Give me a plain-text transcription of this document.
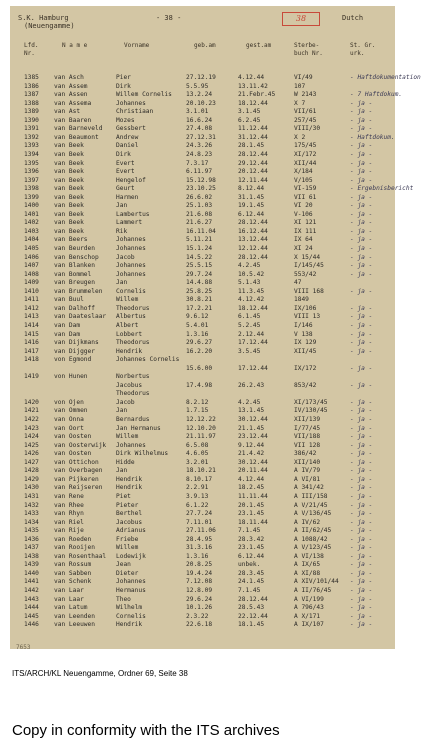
S.K. Hamburg
(Neuengamme)
- 38 -	38	Dutch
Lfd.
Nr.
N a m e	Vorname	geb.am	gest.am	Sterbe-
buch Nr.
St. Gr.
urk.
1385	van Asch	Pier	27.12.19	4.12.44	VI/49	- Haftdokumentation
1386	van Assem	Dirk	5.5.95	13.11.42	107
1387	van Assen	Willem Cornelis	13.2.24	21.Febr.45	W 2143	- 7 Haftdokum.
1388	van Assema	Johannes	20.10.23	18.12.44	X 7	- ja -
1389	van Ast	Christiaan	3.1.01	3.1.45	VII/61	- ja -
1390	van Baaren	Mozes	16.6.24	6.2.45	257/45	- ja -
1391	van Barneveld	Gessbert	27.4.08	11.12.44	VIII/30	- ja -
1392	van Beaumont	Andrew	27.12.31	31.12.44	X 2	- Haftdokum.
1393	van Beek	Daniel	24.3.26	28.1.45	175/45	- ja -
1394	van Beek	Dirk	24.8.23	28.12.44	XI/172	- ja -
1395	van Beek	Evert	7.3.17	29.12.44	XII/44	- ja -
1396	van Beek	Evert	6.11.97	20.12.44	X/184	- ja -
1397	van Beek	Hengelof	15.12.98	12.11.44	V/105	- ja -
1398	van Beek	Geurt	23.10.25	8.12.44	VI-159	- Ergebnisbericht
1399	van Beek	Harmen	26.6.02	31.1.45	VII 61	- ja -
1400	van Beek	Jan	25.1.03	19.1.45	VI 20	- ja -
1401	van Beek	Lambertus	21.6.08	6.12.44	V-106	- ja -
1402	van Beek	Lammert	21.6.27	28.12.44	XI 121	- ja -
1403	van Beek	Rik	16.11.04	16.12.44	IX 111	- ja -
1404	van Beers	Johannes	5.11.21	13.12.44	IX 64	- ja -
1405	van Beurden	Johannes	15.1.24	12.12.44	XI 24	- ja -
1406	van Benschop	Jacob	14.5.22	28.12.44	X 15/44	- ja -
1407	van Blanken	Johannes	25.5.15	4.2.45	I/145/45	- ja -
1408	van Bommel	Johannes	29.7.24	10.5.42	553/42	- ja -
1409	van Breugen	Jan	14.4.88	5.1.43	47
1410	van Brummelen	Cornelis	25.8.25	11.3.45	VIII 168	- ja -
1411	van Buul	Willem	30.8.21	4.12.42	1849
1412	van Dalhoff	Theodorus	17.2.21	18.12.44	IX/106	- ja -
1413	van Daateslaar	Albertus	9.6.12	6.1.45	VIII 13	- ja -
1414	van Dam	Albert	5.4.01	5.2.45	I/146	- ja -
1415	van Dam	Lobbert	1.3.16	2.12.44	V 138	- ja -
1416	van Dijkmans	Theodorus	29.6.27	17.12.44	IX 129	- ja -
1417	van Dijgger	Hendrik	16.2.20	3.5.45	XII/45	- ja -
1418	von Egmond	Johannes Cornelis
15.6.00	17.12.44	IX/172	- ja -
1419	von Hunen	Norbertus
Jacobus	17.4.98	26.2.43	853/42	- ja -
Theodorus
1420	von Ojen	Jacob	8.2.12	4.2.45	XI/173/45	- ja -
1421	van Ommen	Jan	1.7.15	13.1.45	IV/130/45	- ja -
1422	van Onna	Bernardus	12.12.22	30.12.44	XII/139	- ja -
1423	van Oort	Jan Hermanus	12.10.20	21.1.45	I/77/45	- ja -
1424	van Oosten	Willem	21.11.97	23.12.44	VII/188	- ja -
1425	van Oosterwijk	Johannes	6.5.08	9.12.44	VII 128	- ja -
1426	van Oosten	Dirk Wilhelmus	4.6.05	21.4.42	386/42	- ja -
1427	van Ottichon	Hidde	3.2.01	30.12.44	XII/140	- ja -
1428	van Overbagen	Jan	18.10.21	20.11.44	A IV/79	- ja -
1429	van Pijkeren	Hendrik	8.10.17	4.12.44	A VI/81	- ja -
1430	van Reijseren	Hendrik	2.2.91	18.2.45	A 341/42	- ja -
1431	van Rene	Piet	3.9.13	11.11.44	A III/158	- ja -
1432	van Rhee	Pieter	6.1.22	20.1.45	A V/21/45	- ja -
1433	van Rhyn	Berthel	27.7.24	23.1.45	A V/136/45	- ja -
1434	van Riel	Jacobus	7.11.01	18.11.44	A IV/62	- ja -
1435	van Rije	Adrianus	27.11.06	7.1.45	A II/62/45	- ja -
1436	van Roeden	Friebe	28.4.95	28.3.42	A 1088/42	- ja -
1437	van Rooijen	Willem	31.3.16	23.1.45	A V/123/45	- ja -
1438	van Rosenthaal	Lodewijk	1.3.16	6.12.44	A VI/138	- ja -
1439	van Rossum	Jean	20.8.25	unbek.	A IX/65	- ja -
1440	van Sabben	Dieter	19.4.24	28.3.45	A XI/88	- ja -
1441	van Schenk	Johannes	7.12.08	24.1.45	A XIV/101/44 - ja -
1442	van Laar	Hermanus	12.8.09	7.1.45	A II/76/45	- ja -
1443	van Laar	Theo	29.6.24	28.12.44	A VI/199	- ja -
1444	van Latum	Wilhelm	10.1.26	28.5.43	A 796/43	- ja -
1445	van Leenden	Cornelis	2.3.22	22.12.44	A X/171	- ja -
1446	van Leeuwen	Hendrik	22.6.18	18.1.45	A IX/107	- ja -
7653
ITS/ARCH/KL Neuengamme, Ordner 69, Seite 38
Copy in conformity with the ITS archives
